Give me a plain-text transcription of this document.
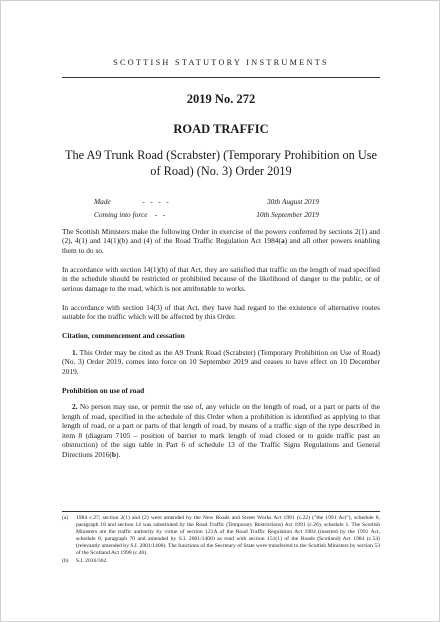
SCOTTISH STATUTORY INSTRUMENTS
2019 No. 272
ROAD TRAFFIC
The A9 Trunk Road (Scrabster) (Temporary Prohibition on Use of Road) (No. 3) Order 2019
Made	-   -   -   -	30th August 2019
Coming into force -   -	10th September 2019

The Scottish Ministers make the following Order in exercise of the powers conferred by sections 2(1) and (2), 4(1) and 14(1)(b) and (4) of the Road Traffic Regulation Act 1984(a) and all other powers enabling them to do so.

In accordance with section 14(1)(b) of that Act, they are satisfied that traffic on the length of road specified in the schedule should be restricted or prohibited because of the likelihood of danger to the public, or of serious damage to the road, which is not attributable to works.

In accordance with section 14(3) of that Act, they have had regard to the existence of alternative routes suitable for the traffic which will be affected by this Order.

Citation, commencement and cessation

1. This Order may be cited as the A9 Trunk Road (Scrabster) (Temporary Prohibition on Use of Road) (No. 3) Order 2019, comes into force on 10 September 2019 and ceases to have effect on 10 December 2019.

Prohibition on use of road

2. No person may use, or permit the use of, any vehicle on the length of road, or a part or parts of the length of road, specified in the schedule of this Order when a prohibition is identified as applying to that length of road, or a part or parts of that length of road, by means of a traffic sign of the type described in item 8 (diagram 7105 – position of barrier to mark length of road closed or to guide traffic past an obstruction) of the sign table in Part 6 of schedule 13 of the Traffic Signs Regulations and General Directions 2016(b).

(a) 1984 c.27; section 2(1) and (2) were amended by the New Roads and Street Works Act 1991 (c.22) ("the 1991 Act"), schedule 8, paragraph 18 and section 14 was substituted by the Road Traffic (Temporary Restrictions) Act 1991 (c.26), schedule 1. The Scottish Ministers are the traffic authority by virtue of section 121A of the Road Traffic Regulation Act 1984 (inserted by the 1991 Act, schedule 8, paragraph 70 and amended by S.I. 2001/1400) as read with section 151(1) of the Roads (Scotland) Act 1984 (c.54) (relevantly amended by S.I. 2001/1400). The functions of the Secretary of State were transferred to the Scottish Ministers by section 53 of the Scotland Act 1998 (c.46).
(b) S.I. 2016/362.
